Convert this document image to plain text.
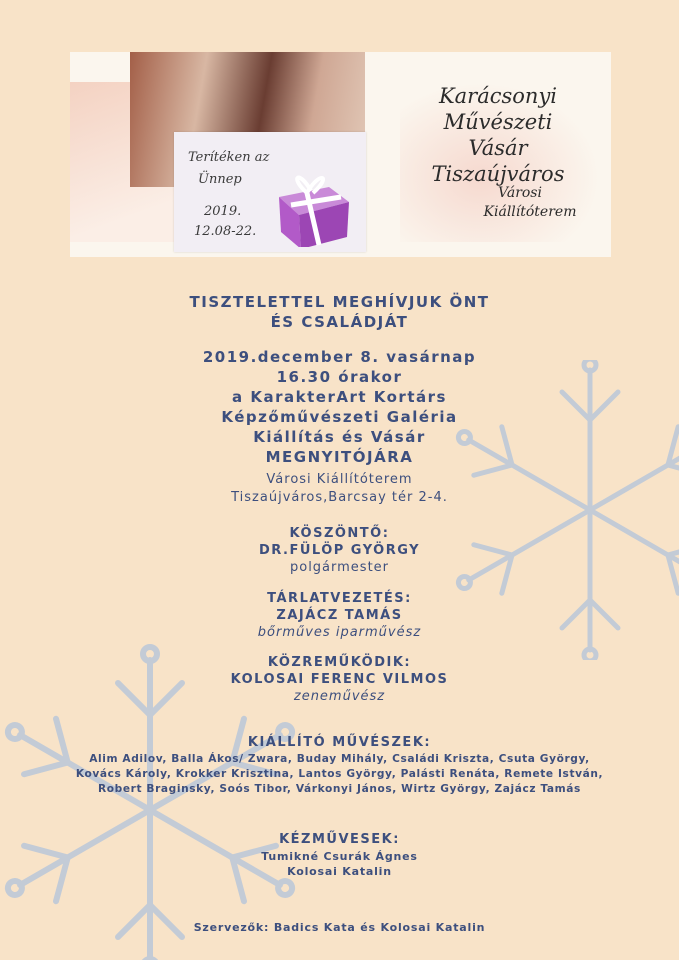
Terítéken az
Ünnep
2019.
12.08-22.
Karácsonyi
Művészeti
Vásár
Tiszaújváros
Városi
Kiállítóterem
TISZTELETTEL MEGHÍVJUK ÖNT
ÉS CSALÁDJÁT
2019.december 8. vasárnap
16.30 órakor
a KarakterArt Kortárs
Képzőművészeti Galéria
Kiállítás és Vásár
MEGNYITÓJÁRA
Városi Kiállítóterem
Tiszaújváros,Barcsay tér 2-4.
KÖSZÖNTŐ:
DR.FÜLÖP GYÖRGY
polgármester
TÁRLATVEZETÉS:
ZAJÁCZ TAMÁS
bőrműves iparművész
KÖZREMŰKÖDIK:
KOLOSAI FERENC VILMOS
zeneművész
KIÁLLÍTÓ MŰVÉSZEK:
Alim Adilov, Balla Ákos/ Zwara, Buday Mihály, Családi Kriszta, Csuta György,
Kovács Károly, Krokker Krisztina, Lantos György, Palásti Renáta, Remete István,
Robert Braginsky, Soós Tibor, Várkonyi János, Wirtz György, Zajácz Tamás
KÉZMŰVESEK:
Tumikné Csurák Ágnes
Kolosai Katalin
Szervezők: Badics Kata és Kolosai Katalin
